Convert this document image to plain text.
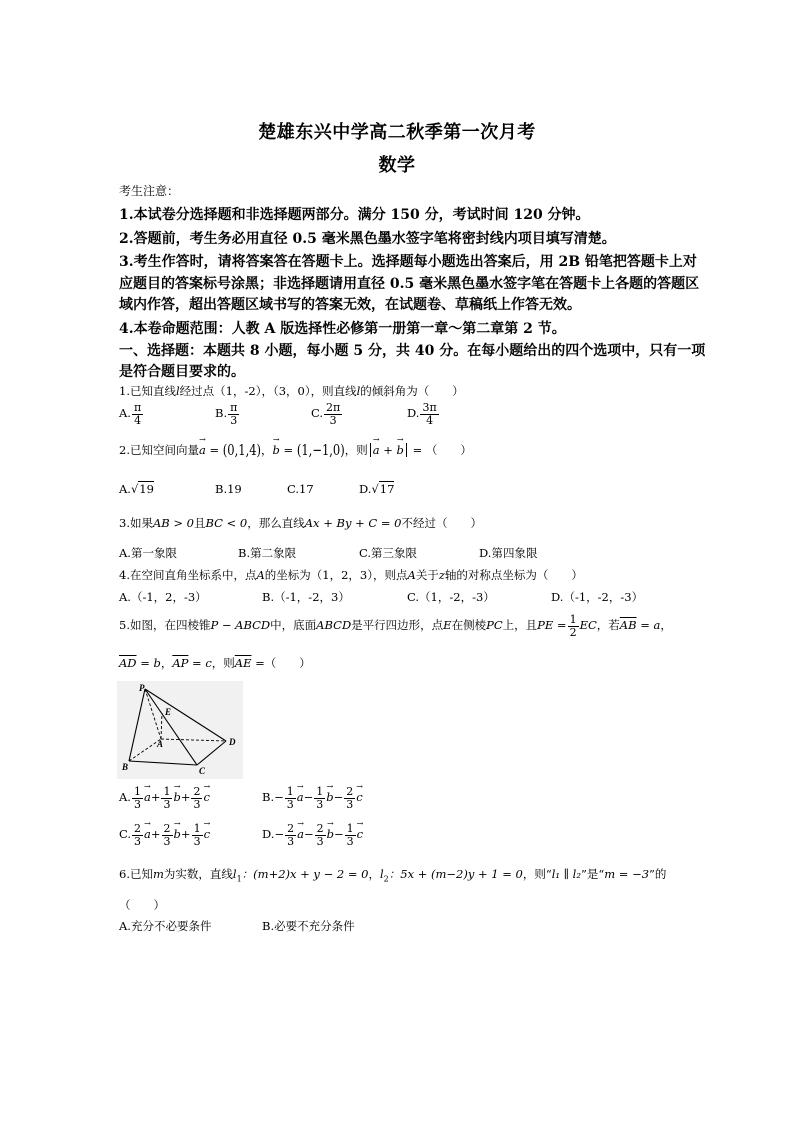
楚雄东兴中学高二秋季第一次月考
数学
考生注意：
1.本试卷分选择题和非选择题两部分。满分 150 分，考试时间 120 分钟。
2.答题前，考生务必用直径 0.5 毫米黑色墨水签字笔将密封线内项目填写清楚。
3.考生作答时，请将答案答在答题卡上。选择题每小题选出答案后，用 2B 铅笔把答题卡上对
应题目的答案标号涂黑；非选择题请用直径 0.5 毫米黑色墨水签字笔在答题卡上各题的答题区
域内作答，超出答题区域书写的答案无效，在试题卷、草稿纸上作答无效。
4.本卷命题范围：人教 A 版选择性必修第一册第一章～第二章第 2 节。
一、选择题：本题共 8 小题，每小题 5 分，共 40 分。在每小题给出的四个选项中，只有一项
是符合题目要求的。
1.已知直线l经过点（1，-2），（3，0），则直线l的倾斜角为（　　）
A. $\frac{\pi}{4}$	B. $\frac{\pi}{3}$	C. $\frac{2\pi}{3}$	D. $\frac{3\pi}{4}$
2.已知空间向量→ a = (0,1,4)，→ b = (1,−1,0)，则 → a + → b = （　　）
A.√19	B.19	C.17	D.√17
3.如果AB > 0且BC < 0，那么直线Ax + By + C = 0不经过（　　）
A.第一象限	B.第二象限	C.第三象限	D.第四象限
4.在空间直角坐标系中，点A的坐标为（1，2，3），则点A关于z轴的对称点坐标为（　　）
A.（-1，2，-3）	B.（-1，-2，3）	C.（1，-2，-3）	D.（-1，-2，-3）
5.如图，在四棱锥P − ABCD中，底面ABCD是平行四边形，点E在侧棱PC上，且PE = $\frac{1}{2}$ EC，若$\overline{AB} = a$，
$\overline{AD} = b$，$\overline{AP} = c$，则$\overline{AE}$ =（　　）
P
E
A
B	C
D
A. $\frac{1}{3} \to a+ \frac{1}{3} \to b+ \frac{2}{3} \to c$	$B.- \frac{1}{3} \to a- \frac{1}{3} \to b- \frac{2}{3} \to c$
C. $\frac{2}{3} \to a+ \frac{2}{3} \to b+ \frac{1}{3} \to c$	$D.- \frac{2}{3} \to a- \frac{2}{3} \to b- \frac{1}{3} \to c$
6.已知m为实数，直线$l_1$：(m+2)x + y − 2 = 0，$l_2$：5x + (m−2)y + 1 = 0，则“l₁ ∥ l₂”是“m = −3”的
（　　）
A.充分不必要条件	B.必要不充分条件
